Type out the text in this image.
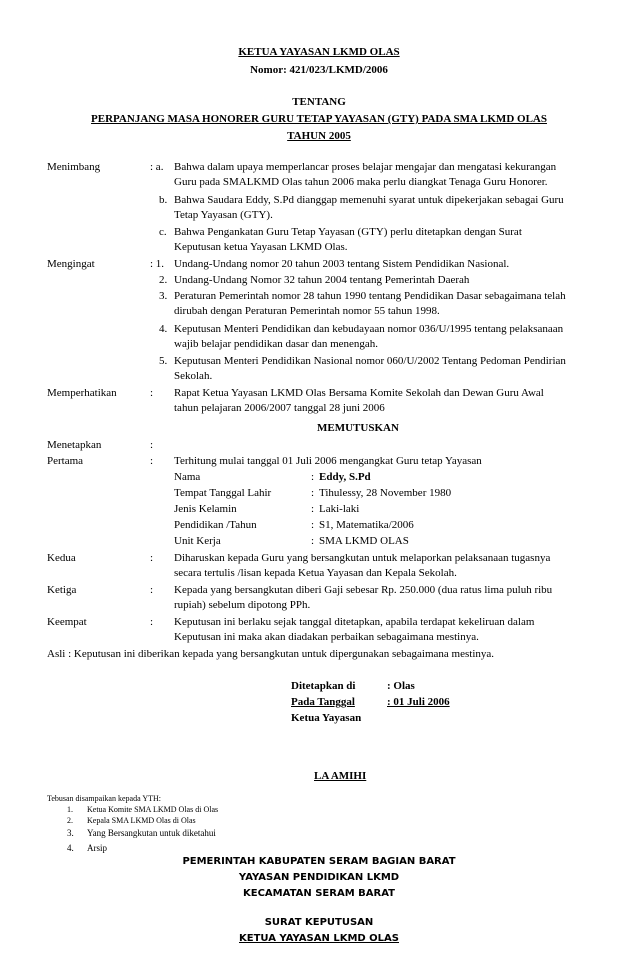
KETUA YAYASAN LKMD OLAS
Nomor: 421/023/LKMD/2006
TENTANG
PERPANJANG MASA HONORER GURU TETAP YAYASAN (GTY) PADA SMA LKMD OLAS
TAHUN 2005
Menimbang	: a. Bahwa dalam upaya memperlancar proses belajar mengajar dan mengatasi kekurangan

Guru pada SMALKMD Olas tahun 2006 maka perlu diangkat Tenaga Guru Honorer.

b. Bahwa Saudara Eddy, S.Pd dianggap memenuhi syarat untuk dipekerjakan sebagai Guru

Tetap Yayasan (GTY).

c. Bahwa Pengankatan Guru Tetap Yayasan (GTY) perlu ditetapkan dengan Surat

Keputusan ketua Yayasan LKMD Olas.

Mengingat	: 1. Undang-Undang nomor 20 tahun 2003 tentang Sistem Pendidikan Nasional.

2. Undang-Undang Nomor 32 tahun 2004 tentang Pemerintah Daerah

3. Peraturan Pemerintah nomor 28 tahun 1990 tentang Pendidikan Dasar sebagaimana telah

dirubah dengan Peraturan Pemerintah nomor 55 tahun 1998.

4. Keputusan Menteri Pendidikan dan kebudayaan nomor 036/U/1995 tentang pelaksanaan

wajib belajar pendidikan dasar dan menengah.

5. Keputusan Menteri Pendidikan Nasional nomor 060/U/2002 Tentang Pedoman Pendirian

Sekolah.

Memperhatikan	: Rapat Ketua Yayasan LKMD Olas Bersama Komite Sekolah dan Dewan Guru Awal

tahun pelajaran 2006/2007 tanggal 28 juni 2006

MEMUTUSKAN
Menetapkan	:
Pertama	: Terhitung mulai tanggal 01 Juli 2006 mengangkat Guru tetap Yayasan
Nama	: Eddy, S.Pd
Tempat Tanggal Lahir	: Tihulessy, 28 November 1980
Jenis Kelamin	: Laki-laki
Pendidikan /Tahun	: S1, Matematika/2006
Unit Kerja	: SMA LKMD OLAS
Kedua	: Diharuskan kepada Guru yang bersangkutan untuk melaporkan pelaksanaan tugasnya

secara tertulis /lisan kepada Ketua Yayasan dan Kepala Sekolah.

Ketiga	: Kepada yang bersangkutan diberi Gaji sebesar Rp. 250.000 (dua ratus lima puluh ribu

rupiah) sebelum dipotong PPh.

Keempat	: Keputusan ini berlaku sejak tanggal ditetapkan, apabila terdapat kekeliruan dalam

Keputusan ini maka akan diadakan perbaikan sebagaimana mestinya.

Asli : Keputusan ini diberikan kepada yang bersangkutan untuk dipergunakan sebagaimana mestinya.
Ditetapkan di	: Olas
Pada Tanggal	: 01 Juli 2006
Ketua Yayasan
LA AMIHI
Tebusan disampaikan kepada YTH:
1. Ketua Komite SMA LKMD Olas di Olas
2. Kepala SMA LKMD Olas di Olas
3. Yang Bersangkutan untuk diketahui
4. Arsip
PEMERINTAH KABUPATEN SERAM BAGIAN BARAT
YAYASAN PENDIDIKAN LKMD
KECAMATAN SERAM BARAT
SURAT KEPUTUSAN
KETUA YAYASAN LKMD OLAS
